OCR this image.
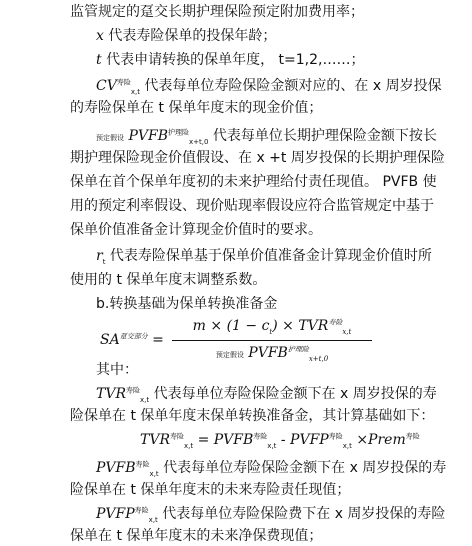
监管规定的趸交长期护理保险预定附加费用率；
x 代表寿险保单的投保年龄；
t 代表申请转换的保单年度， t=1,2,……；
$CV^{寿险}_{x,t}$ 代表每单位寿险保险金额对应的、在 x 周岁投保
的寿险保单在 t 保单年度末的现金价值；
预定假设 $PVFB^{护理险}_{x+t,0}$ 代表每单位长期护理保险金额下按长
期护理保险现金价值假设、在 x +t 周岁投保的长期护理保险
保单在首个保单年度初的未来护理给付责任现值。 PVFB 使
用的预定利率假设、现价贴现率假设应符合监管规定中基于
保单价值准备金计算现金价值时的要求。
$r_t$ 代表寿险保单基于保单价值准备金计算现金价值时所
使用的 t 保单年度末调整系数。
b.转换基础为保单转换准备金
$SA^{趸交部分}$ =
$m \times (1 - c_t) \times TVR^{寿险}_{x,t}$
预定假设 $PVFB^{护理险}_{x+t,0}$
其中：
$TVR^{寿险}_{x,t}$ 代表每单位寿险保险金额下在 x 周岁投保的寿
险保单在 t 保单年度末保单转换准备金，其计算基础如下：
$TVR^{寿险}_{x,t}$ = $PVFB^{寿险}_{x,t}$ - $PVFP^{寿险}_{x,t}$ ×Prem$^{寿险}$
$PVFB^{寿险}_{x,t}$ 代表每单位寿险保险金额下在 x 周岁投保的寿
险保单在 t 保单年度末的未来寿险责任现值；
$PVFP^{寿险}_{x,t}$ 代表每单位寿险保险费下在 x 周岁投保的寿险
保单在 t 保单年度末的未来净保费现值；
